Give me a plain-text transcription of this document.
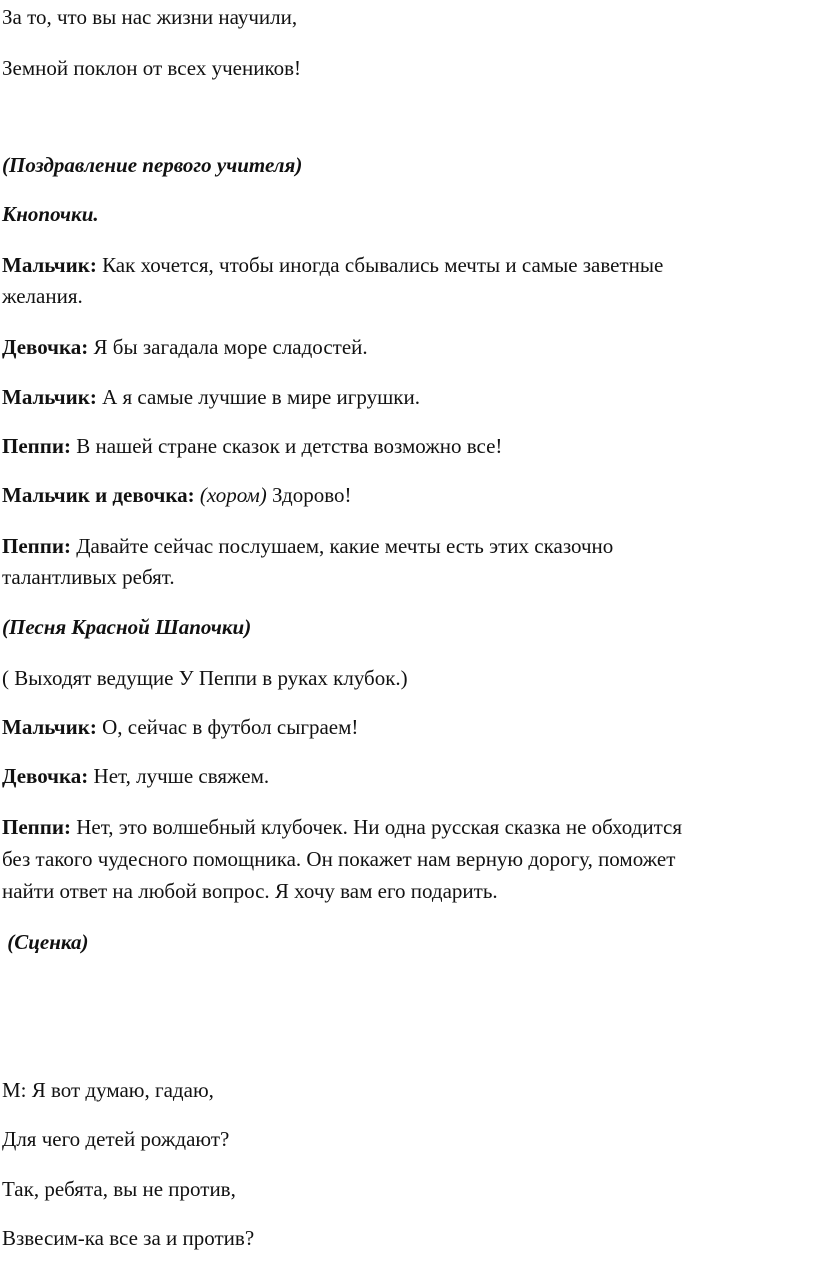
За то, что вы нас жизни научили,
Земной поклон от всех учеников!
(Поздравление первого учителя)
Кнопочки.
Мальчик: Как хочется, чтобы иногда сбывались мечты и самые заветные
желания.
Девочка: Я бы загадала море сладостей.
Мальчик: А я самые лучшие в мире игрушки.
Пеппи: В нашей стране сказок и детства возможно все!
Мальчик и девочка: (хором) Здорово!
Пеппи: Давайте сейчас послушаем, какие мечты есть этих сказочно
талантливых ребят.
(Песня Красной Шапочки)
( Выходят ведущие У Пеппи в руках клубок.)
Мальчик: О, сейчас в футбол сыграем!
Девочка: Нет, лучше свяжем.
Пеппи: Нет, это волшебный клубочек. Ни одна русская сказка не обходится
без такого чудесного помощника. Он покажет нам верную дорогу, поможет
найти ответ на любой вопрос. Я хочу вам его подарить.
(Сценка)
М: Я вот думаю, гадаю,
Для чего детей рождают?
Так, ребята, вы не против,
Взвесим-ка все за и против?
